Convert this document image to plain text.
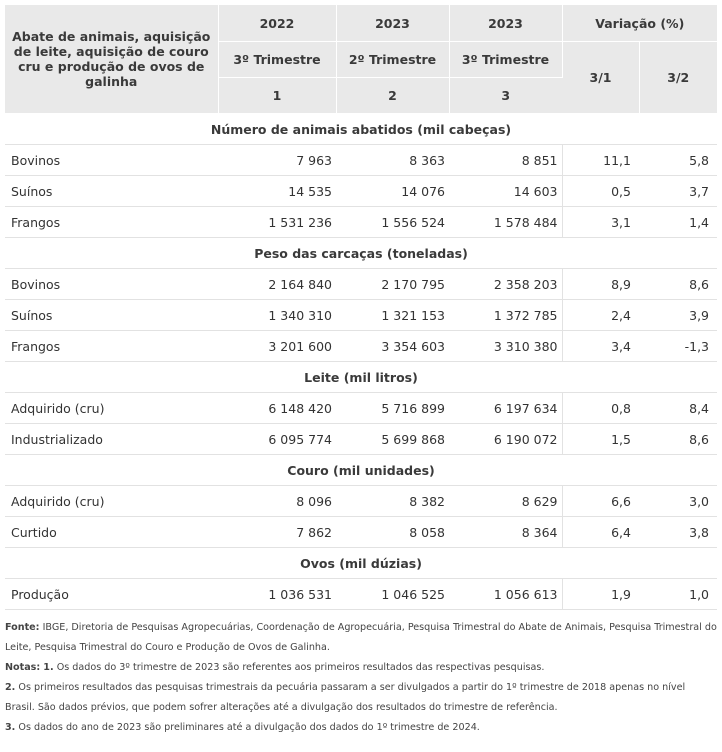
Abate de animais, aquisição de leite, aquisição de couro cru e produção de ovos de galinha	2022	2023	2023	Variação (%)	
	3º Trimestre	2º Trimestre	3º Trimestre	3/1	3/2
	1	2	3		
Número de animais abatidos (mil cabeças)					
Bovinos	7 963	8 363	8 851	11,1	5,8
Suínos	14 535	14 076	14 603	0,5	3,7
Frangos	1 531 236	1 556 524	1 578 484	3,1	1,4
Peso das carcaças (toneladas)					
Bovinos	2 164 840	2 170 795	2 358 203	8,9	8,6
Suínos	1 340 310	1 321 153	1 372 785	2,4	3,9
Frangos	3 201 600	3 354 603	3 310 380	3,4	-1,3
Leite (mil litros)					
Adquirido (cru)	6 148 420	5 716 899	6 197 634	0,8	8,4
Industrializado	6 095 774	5 699 868	6 190 072	1,5	8,6
Couro (mil unidades)					
Adquirido (cru)	8 096	8 382	8 629	6,6	3,0
Curtido	7 862	8 058	8 364	6,4	3,8
Ovos (mil dúzias)					
Produção	1 036 531	1 046 525	1 056 613	1,9	1,0

Fonte: IBGE, Diretoria de Pesquisas Agropecuárias, Coordenação de Agropecuária, Pesquisa Trimestral do Abate de Animais, Pesquisa Trimestral do Leite, Pesquisa Trimestral do Couro e Produção de Ovos de Galinha.

Notas: 1. Os dados do 3º trimestre de 2023 são referentes aos primeiros resultados das respectivas pesquisas.

2. Os primeiros resultados das pesquisas trimestrais da pecuária passaram a ser divulgados a partir do 1º trimestre de 2018 apenas no nível Brasil. São dados prévios, que podem sofrer alterações até a divulgação dos resultados do trimestre de referência.

3. Os dados do ano de 2023 são preliminares até a divulgação dos dados do 1º trimestre de 2024.
